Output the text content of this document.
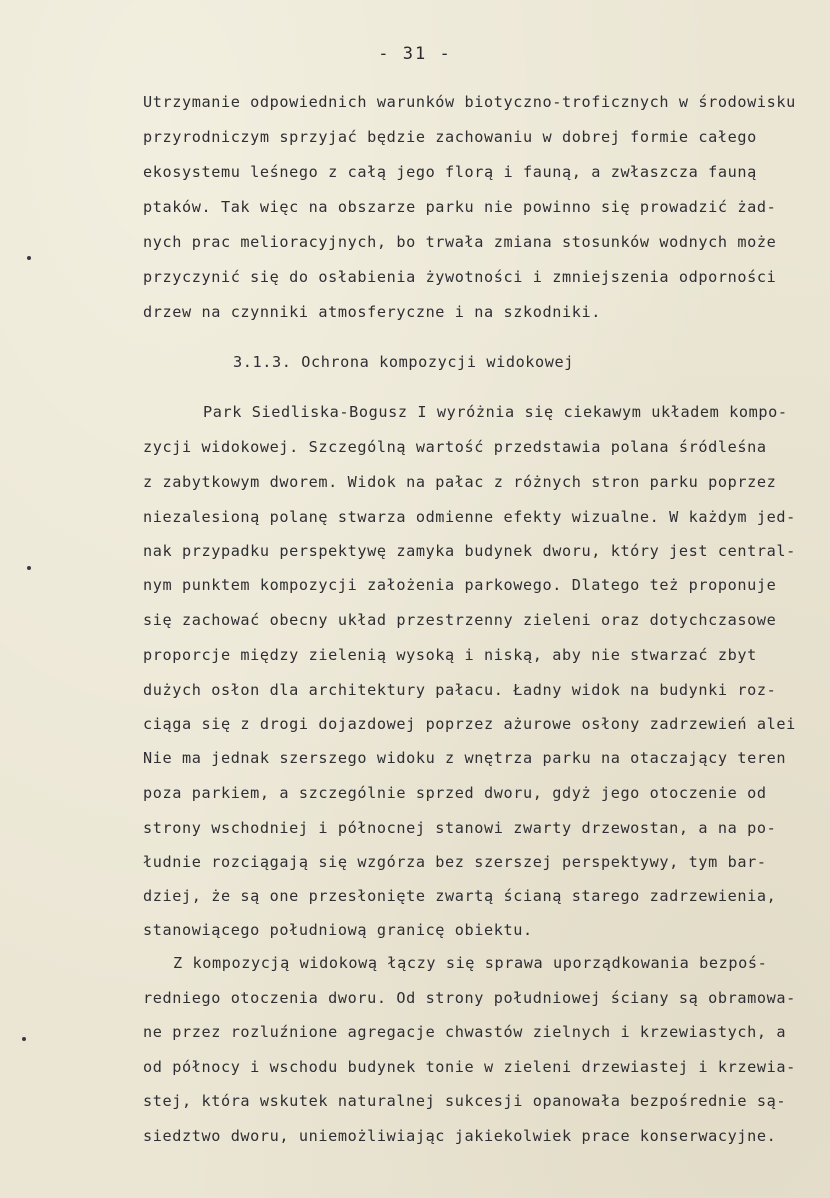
- 31 -
Utrzymanie odpowiednich warunków biotyczno-troficznych w środowisku
przyrodniczym sprzyjać będzie zachowaniu w dobrej formie całego
ekosystemu leśnego z całą jego florą i fauną, a zwłaszcza fauną
ptaków. Tak więc na obszarze parku nie powinno się prowadzić żad-
nych prac melioracyjnych, bo trwała zmiana stosunków wodnych może
przyczynić się do osłabienia żywotności i zmniejszenia odporności
drzew na czynniki atmosferyczne i na szkodniki.
3.1.3. Ochrona kompozycji widokowej
Park Siedliska-Bogusz I wyróżnia się ciekawym układem kompo-
zycji widokowej. Szczególną wartość przedstawia polana śródleśna
z zabytkowym dworem. Widok na pałac z różnych stron parku poprzez
niezalesioną polanę stwarza odmienne efekty wizualne. W każdym jed-
nak przypadku perspektywę zamyka budynek dworu, który jest central-
nym punktem kompozycji założenia parkowego. Dlatego też proponuje
się zachować obecny układ przestrzenny zieleni oraz dotychczasowe
proporcje między zielenią wysoką i niską, aby nie stwarzać zbyt
dużych osłon dla architektury pałacu. Ładny widok na budynki roz-
ciąga się z drogi dojazdowej poprzez ażurowe osłony zadrzewień alei
Nie ma jednak szerszego widoku z wnętrza parku na otaczający teren
poza parkiem, a szczególnie sprzed dworu, gdyż jego otoczenie od
strony wschodniej i północnej stanowi zwarty drzewostan, a na po-
łudnie rozciągają się wzgórza bez szerszej perspektywy, tym bar-
dziej, że są one przesłonięte zwartą ścianą starego zadrzewienia,
stanowiącego południową granicę obiektu.
Z kompozycją widokową łączy się sprawa uporządkowania bezpoś-
redniego otoczenia dworu. Od strony południowej ściany są obramowa-
ne przez rozluźnione agregacje chwastów zielnych i krzewiastych, a
od północy i wschodu budynek tonie w zieleni drzewiastej i krzewia-
stej, która wskutek naturalnej sukcesji opanowała bezpośrednie są-
siedztwo dworu, uniemożliwiając jakiekolwiek prace konserwacyjne.
